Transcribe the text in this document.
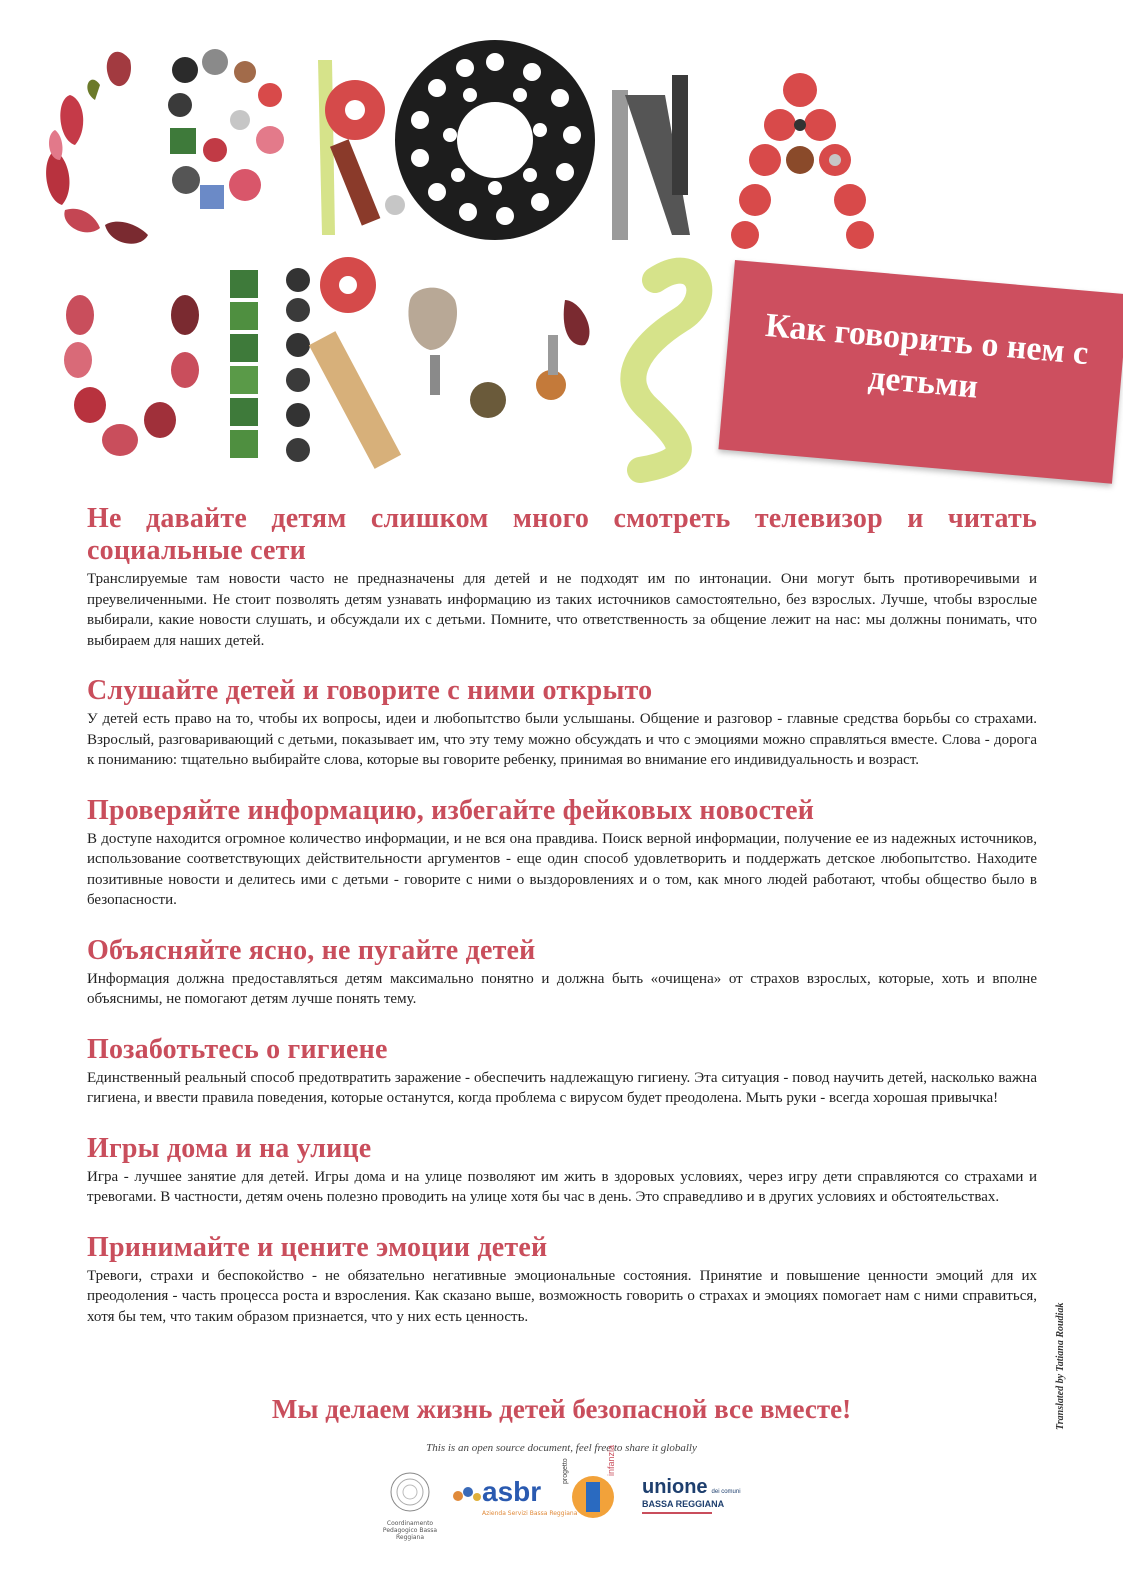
Как говорить о нем с детьми
Не давайте детям слишком много смотреть телевизор и читать социальные сети

Транслируемые там новости часто не предназначены для детей и не подходят им по интонации. Они могут быть противоречивыми и преувеличенными. Не стоит позволять детям узнавать информацию из таких источников самостоятельно, без взрослых. Лучше, чтобы взрослые выбирали, какие новости слушать, и обсуждали их с детьми. Помните, что ответственность за общение лежит на нас: мы должны понимать, что выбираем для наших детей.

Слушайте детей и говорите с ними открыто

У детей есть право на то, чтобы их вопросы, идеи и любопытство были услышаны. Общение и разговор - главные средства борьбы со страхами. Взрослый, разговаривающий с детьми, показывает им, что эту тему можно обсуждать и что с эмоциями можно справляться вместе. Слова - дорога к пониманию: тщательно выбирайте слова, которые вы говорите ребенку, принимая во внимание его индивидуальность и возраст.

Проверяйте информацию, избегайте фейковых новостей

В доступе находится огромное количество информации, и не вся она правдива. Поиск верной информации, получение ее из надежных источников, использование соответствующих действительности аргументов - еще один способ удовлетворить и поддержать детское любопытство. Находите позитивные новости и делитесь ими с детьми - говорите с ними о выздоровлениях и о том, как много людей работают, чтобы общество было в безопасности.

Объясняйте ясно, не пугайте детей

Информация должна предоставляться детям максимально понятно и должна быть «очищена» от страхов взрослых, которые, хоть и вполне объяснимы, не помогают детям лучше понять тему.

Позаботьтесь о гигиене

Единственный реальный способ предотвратить заражение - обеспечить надлежащую гигиену. Эта ситуация - повод научить детей, насколько важна гигиена, и ввести правила поведения, которые останутся, когда проблема с вирусом будет преодолена. Мыть руки - всегда хорошая привычка!

Игры дома и на улице

Игра - лучшее занятие для детей. Игры дома и на улице позволяют им жить в здоровых условиях, через игру дети справляются со страхами и тревогами. В частности, детям очень полезно проводить на улице хотя бы час в день. Это справедливо и в других условиях и обстоятельствах.

Принимайте и цените эмоции детей

Тревоги, страхи и беспокойство - не обязательно негативные эмоциональные состояния. Принятие и повышение ценности эмоций для их преодоления - часть процесса роста и взросления. Как сказано выше, возможность говорить о страхах и эмоциях помогает нам с ними справиться, хотя бы тем, что таким образом признается, что у них есть ценность.

Мы делаем жизнь детей безопасной все вместе!
This is an open source document, feel free to share it globally
Translated by Tatiana Roudiak
Coordinamento Pedagogico Bassa Reggiana
asbr
Azienda Servizi Bassa Reggiana
progetto	infanzia
unione dei comuni
BASSA REGGIANA
